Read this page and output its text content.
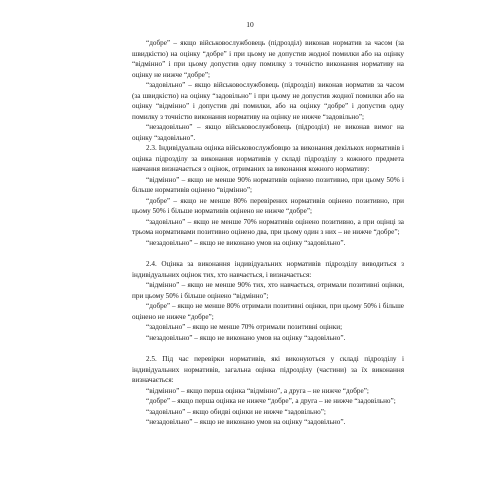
10

“добре” – якщо військовослужбовець (підрозділ) виконав норматив за часом (за швидкістю) на оцінку “добре” і при цьому не допустив жодної помилки або на оцінку “відмінно” і при цьому допустив одну помилку з точністю виконання нормативу на оцінку не нижче “добре”;

“задовільно” – якщо військовослужбовець (підрозділ) виконав норматив за часом (за швидкістю) на оцінку “задовільно” і при цьому не допустив жодної помилки або на оцінку “відмінно” і допустив дві помилки, або на оцінку “добре” і допустив одну помилку з точністю виконання нормативу на оцінку не нижче “задовільно”;

“незадовільно” – якщо військовослужбовець (підрозділ) не виконав вимог на оцінку “задовільно”.

2.3. Індивідуальна оцінка військовослужбовцю за виконання декількох нормативів і оцінка підрозділу за виконання нормативів у складі підрозділу з кожного предмета навчання визначається з оцінок, отриманих за виконання кожного нормативу:

“відмінно” – якщо не менше 90% нормативів оцінено позитивно, при цьому 50% і більше нормативів оцінено “відмінно”;

“добре” – якщо не менше 80% перевірених нормативів оцінено позитивно, при цьому 50% і більше нормативів оцінено не нижче “добре”;

“задовільно” – якщо не менше 70% нормативів оцінено позитивно, а при оцінці за трьома нормативами позитивно оцінено два, при цьому один з них – не нижче “добре”;

“незадовільно” – якщо не виконано умов на оцінку “задовільно”.

2.4. Оцінка за виконання індивідуальних нормативів підрозділу виводиться з індивідуальних оцінок тих, хто навчається, і визначається:

“відмінно” – якщо не менше 90% тих, хто навчається, отримали позитивні оцінки, при цьому 50% і більше оцінено “відмінно”;

“добре” – якщо не менше 80% отримали позитивні оцінки, при цьому 50% і більше оцінено не нижче “добре”;

“задовільно” – якщо не менше 70% отримали позитивні оцінки;

“незадовільно” – якщо не виконано умов на оцінку “задовільно”.

2.5. Під час перевірки нормативів, які виконуються у складі підрозділу і індивідуальних нормативів, загальна оцінка підрозділу (частини) за їх виконання визначається:

“відмінно” – якщо перша оцінка “відмінно”, а друга – не нижче “добре”;

“добре” – якщо перша оцінка не нижче “добре”, а друга – не нижче “задовільно”;

“задовільно” – якщо обидві оцінки не нижче “задовільно”;

“незадовільно” – якщо не виконано умов на оцінку “задовільно”.
